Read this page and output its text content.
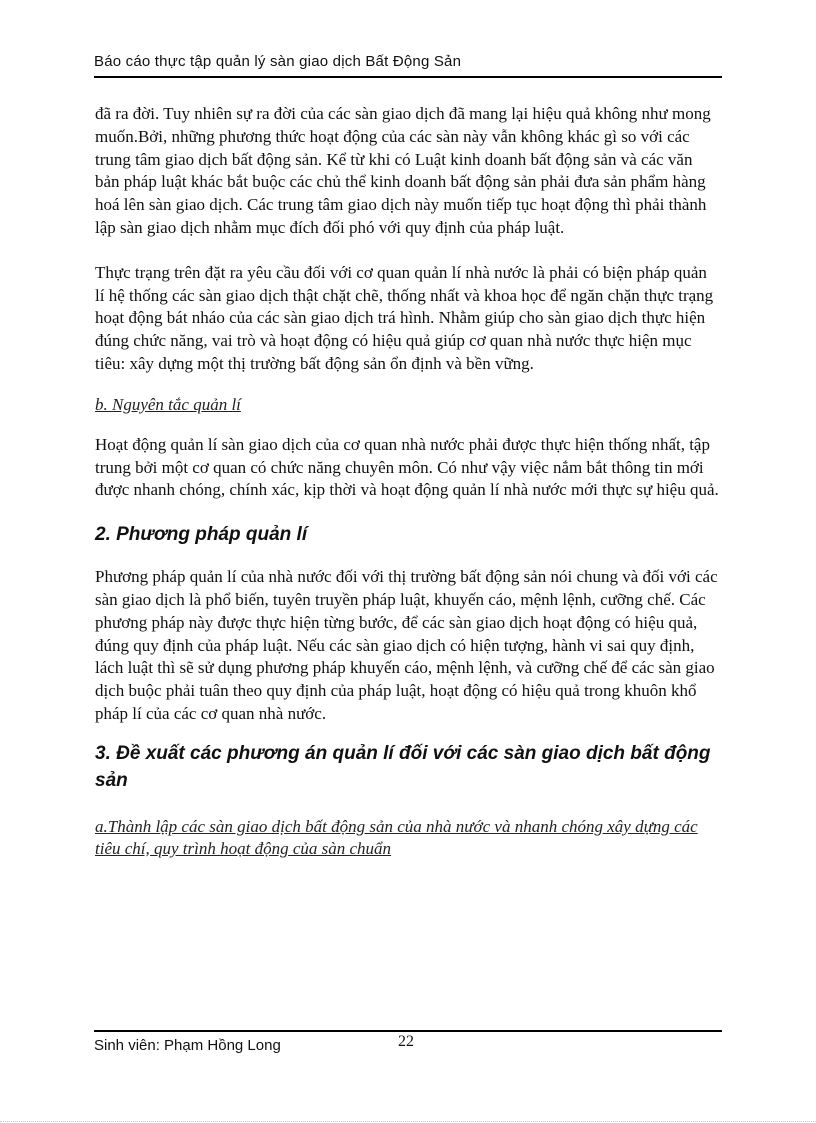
Báo cáo thực tập quản lý sàn giao dịch Bất Động Sản

đã ra đời. Tuy nhiên sự ra đời của các sàn giao dịch đã mang lại hiệu quả không như mong muốn.Bởi, những phương thức hoạt động của các sàn này vẫn không khác gì so với các trung tâm giao dịch bất động sản. Kể từ khi có Luật kinh doanh bất động sản và các văn bản pháp luật khác bắt buộc các chủ thể kinh doanh bất động sản phải đưa sản phẩm hàng hoá lên sàn giao dịch. Các trung tâm giao dịch này muốn tiếp tục hoạt động thì phải thành lập sàn giao dịch nhằm mục đích đối phó với quy định của pháp luật.

Thực trạng trên đặt ra yêu cầu đối với cơ quan quản lí nhà nước là phải có biện pháp quản lí hệ thống các sàn giao dịch thật chặt chẽ, thống nhất và khoa học để ngăn chặn thực trạng hoạt động bát nháo của các sàn giao dịch trá hình. Nhằm giúp cho sàn giao dịch thực hiện đúng chức năng, vai trò và hoạt động có hiệu quả giúp cơ quan nhà nước thực hiện mục tiêu: xây dựng một thị trường bất động sản ổn định và bền vững.

b. Nguyên tắc quản lí

Hoạt động quản lí sàn giao dịch của cơ quan nhà nước phải được thực hiện thống nhất, tập trung bởi một cơ quan có chức năng chuyên môn. Có như vậy việc nắm bắt thông tin mới được nhanh chóng, chính xác, kịp thời và hoạt động quản lí nhà nước mới thực sự hiệu quả.

2. Phương pháp quản lí

Phương pháp quản lí của nhà nước đối với thị trường bất động sản nói chung và đối với các sàn giao dịch là phổ biến, tuyên truyền pháp luật, khuyến cáo, mệnh lệnh, cưỡng chế. Các phương pháp này được thực hiện từng bước, để các sàn giao dịch hoạt động có hiệu quả, đúng quy định của pháp luật. Nếu các sàn giao dịch có hiện tượng, hành vi sai quy định, lách luật thì sẽ sử dụng phương pháp khuyến cáo, mệnh lệnh, và cưỡng chế để các sàn giao dịch buộc phải tuân theo quy định của pháp luật, hoạt động có hiệu quả trong khuôn khổ pháp lí của các cơ quan nhà nước.

3. Đề xuất các phương án quản lí đối với các sàn giao dịch bất động sản

a.Thành lập các sàn giao dịch bất động sản của nhà nước và nhanh chóng xây dựng các tiêu chí, quy trình hoạt động của sàn chuẩn

Sinh viên: Phạm Hồng Long	22
